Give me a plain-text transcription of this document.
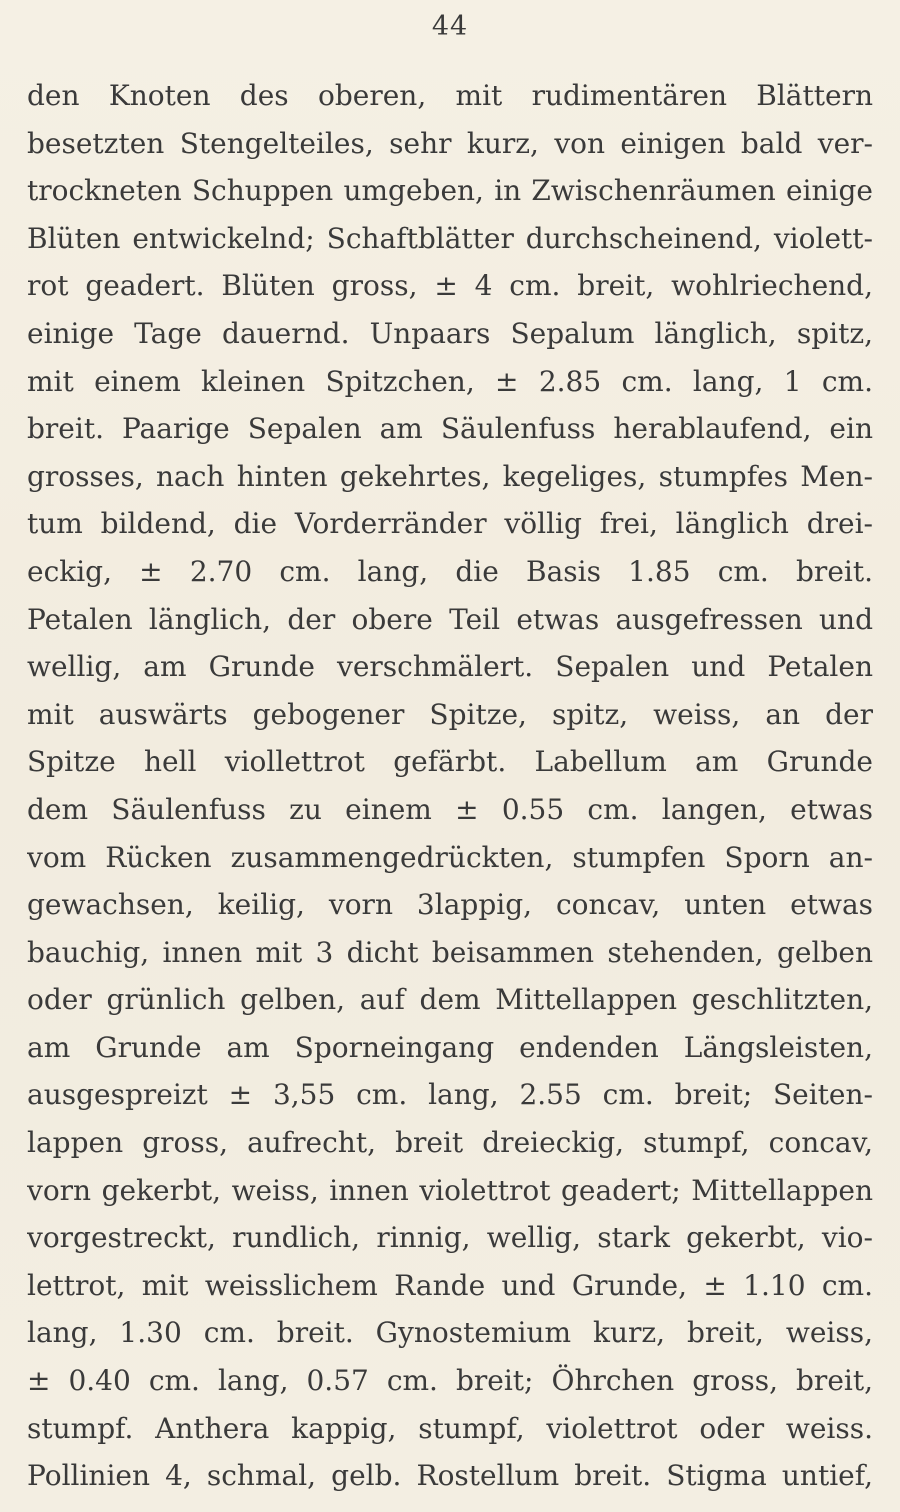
44
den Knoten des oberen, mit rudimentären Blättern
besetzten Stengelteiles, sehr kurz, von einigen bald ver-
trockneten Schuppen umgeben, in Zwischenräumen einige
Blüten entwickelnd; Schaftblätter durchscheinend, violett-
rot geadert. Blüten gross, ± 4 cm. breit, wohlriechend,
einige Tage dauernd. Unpaars Sepalum länglich, spitz,
mit einem kleinen Spitzchen, ± 2.85 cm. lang, 1 cm.
breit. Paarige Sepalen am Säulenfuss herablaufend, ein
grosses, nach hinten gekehrtes, kegeliges, stumpfes Men-
tum bildend, die Vorderränder völlig frei, länglich drei-
eckig, ± 2.70 cm. lang, die Basis 1.85 cm. breit.
Petalen länglich, der obere Teil etwas ausgefressen und
wellig, am Grunde verschmälert. Sepalen und Petalen
mit auswärts gebogener Spitze, spitz, weiss, an der
Spitze hell viollettrot gefärbt. Labellum am Grunde
dem Säulenfuss zu einem ± 0.55 cm. langen, etwas
vom Rücken zusammengedrückten, stumpfen Sporn an-
gewachsen, keilig, vorn 3lappig, concav, unten etwas
bauchig, innen mit 3 dicht beisammen stehenden, gelben
oder grünlich gelben, auf dem Mittellappen geschlitzten,
am Grunde am Sporneingang endenden Längsleisten,
ausgespreizt ± 3,55 cm. lang, 2.55 cm. breit; Seiten-
lappen gross, aufrecht, breit dreieckig, stumpf, concav,
vorn gekerbt, weiss, innen violettrot geadert; Mittellappen
vorgestreckt, rundlich, rinnig, wellig, stark gekerbt, vio-
lettrot, mit weisslichem Rande und Grunde, ± 1.10 cm.
lang, 1.30 cm. breit. Gynostemium kurz, breit, weiss,
± 0.40 cm. lang, 0.57 cm. breit; Öhrchen gross, breit,
stumpf. Anthera kappig, stumpf, violettrot oder weiss.
Pollinien 4, schmal, gelb. Rostellum breit. Stigma untief,
